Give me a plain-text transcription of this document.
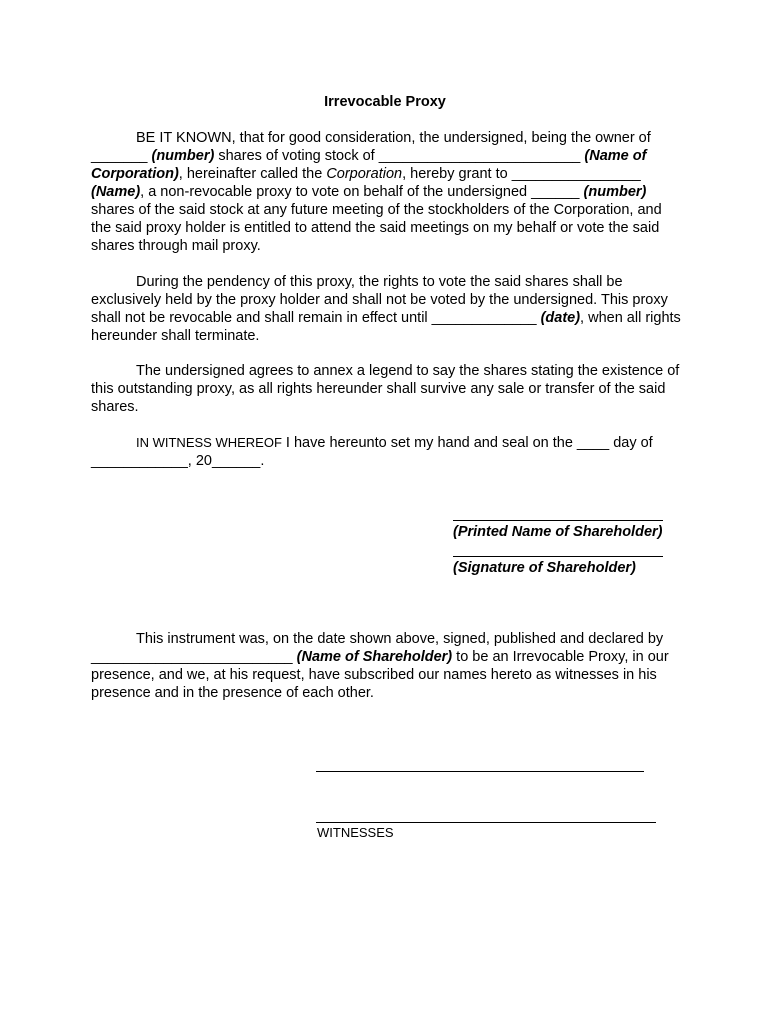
Irrevocable Proxy
BE IT KNOWN, that for good consideration, the undersigned, being the owner of _______ (number) shares of voting stock of _________________________ (Name of Corporation), hereinafter called the Corporation, hereby grant to ________________ (Name), a non-revocable proxy to vote on behalf of the undersigned ______ (number) shares of the said stock at any future meeting of the stockholders of the Corporation, and the said proxy holder is entitled to attend the said meetings on my behalf or vote the said shares through mail proxy.
During the pendency of this proxy, the rights to vote the said shares shall be exclusively held by the proxy holder and shall not be voted by the undersigned. This proxy shall not be revocable and shall remain in effect until _____________ (date), when all rights hereunder shall terminate.
The undersigned agrees to annex a legend to say the shares stating the existence of this outstanding proxy, as all rights hereunder shall survive any sale or transfer of the said shares.
IN WITNESS WHEREOF I have hereunto set my hand and seal on the ____ day of ____________, 20______.
(Printed Name of Shareholder)
(Signature of Shareholder)
This instrument was, on the date shown above, signed, published and declared by _________________________ (Name of Shareholder) to be an Irrevocable Proxy, in our presence, and we, at his request, have subscribed our names hereto as witnesses in his presence and in the presence of each other.
WITNESSES
